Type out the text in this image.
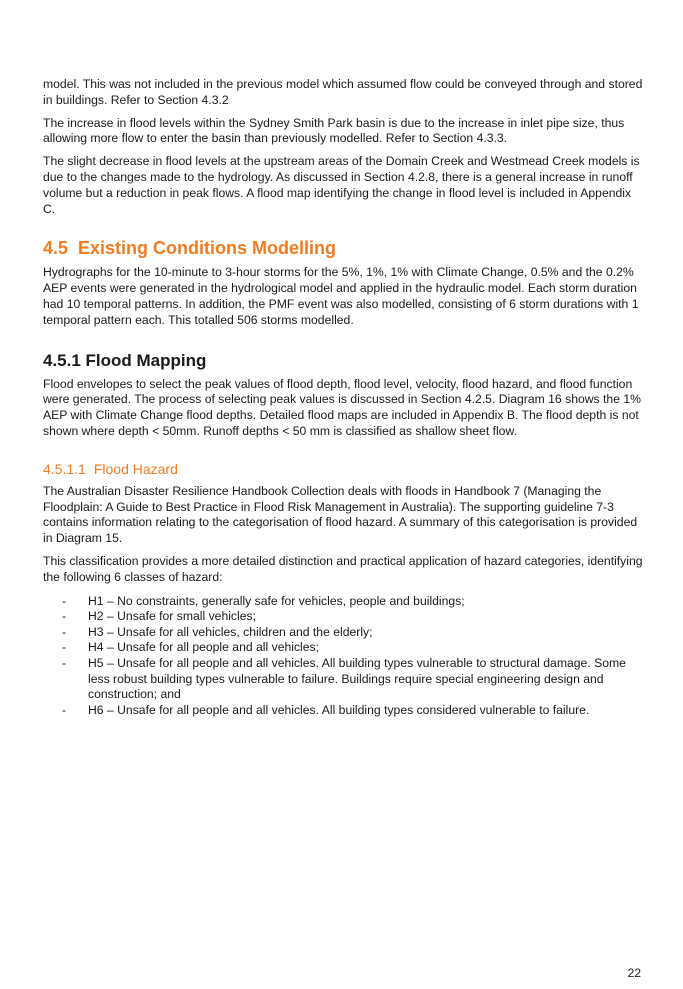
model. This was not included in the previous model which assumed flow could be conveyed through and stored in buildings. Refer to Section 4.3.2

The increase in flood levels within the Sydney Smith Park basin is due to the increase in inlet pipe size, thus allowing more flow to enter the basin than previously modelled. Refer to Section 4.3.3.

The slight decrease in flood levels at the upstream areas of the Domain Creek and Westmead Creek models is due to the changes made to the hydrology. As discussed in Section 4.2.8, there is a general increase in runoff volume but a reduction in peak flows. A flood map identifying the change in flood level is included in Appendix C.

4.5 Existing Conditions Modelling

Hydrographs for the 10-minute to 3-hour storms for the 5%, 1%, 1% with Climate Change, 0.5% and the 0.2% AEP events were generated in the hydrological model and applied in the hydraulic model. Each storm duration had 10 temporal patterns. In addition, the PMF event was also modelled, consisting of 6 storm durations with 1 temporal pattern each. This totalled 506 storms modelled.

4.5.1 Flood Mapping

Flood envelopes to select the peak values of flood depth, flood level, velocity, flood hazard, and flood function were generated. The process of selecting peak values is discussed in Section 4.2.5. Diagram 16 shows the 1% AEP with Climate Change flood depths. Detailed flood maps are included in Appendix B. The flood depth is not shown where depth < 50mm. Runoff depths < 50 mm is classified as shallow sheet flow.

4.5.1.1 Flood Hazard

The Australian Disaster Resilience Handbook Collection deals with floods in Handbook 7 (Managing the Floodplain: A Guide to Best Practice in Flood Risk Management in Australia). The supporting guideline 7-3 contains information relating to the categorisation of flood hazard. A summary of this categorisation is provided in Diagram 15.

This classification provides a more detailed distinction and practical application of hazard categories, identifying the following 6 classes of hazard:

- H1 – No constraints, generally safe for vehicles, people and buildings;
- H2 – Unsafe for small vehicles;
- H3 – Unsafe for all vehicles, children and the elderly;
- H4 – Unsafe for all people and all vehicles;
- H5 – Unsafe for all people and all vehicles. All building types vulnerable to structural damage. Some less robust building types vulnerable to failure. Buildings require special engineering design and construction; and
- H6 – Unsafe for all people and all vehicles. All building types considered vulnerable to failure.
22
